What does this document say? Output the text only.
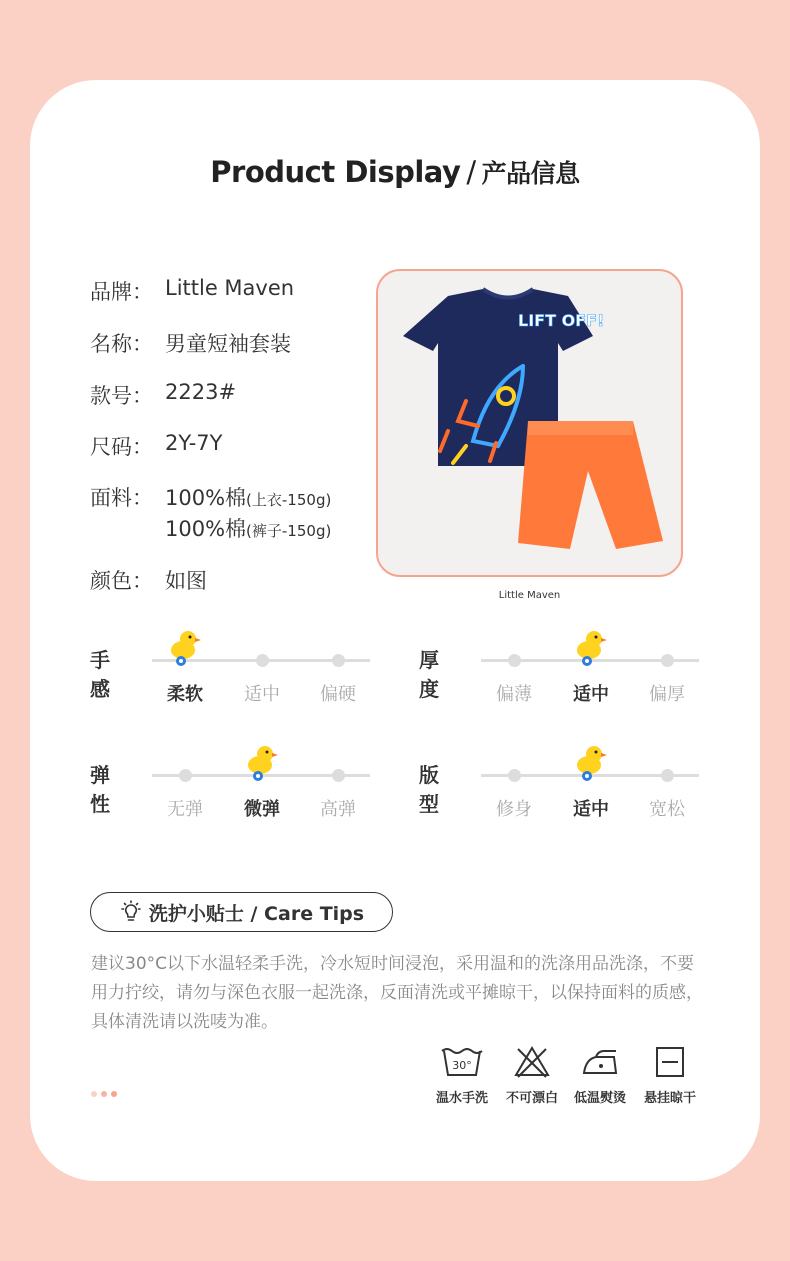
Product Display / 产品信息
品牌： Little Maven
名称： 男童短袖套装
款号： 2223#
尺码： 2Y-7Y
面料： 100%棉(上衣-150g)
100%棉(裤子-150g)
颜色： 如图
LIFT OFF!
Little Maven
手感	柔软	适中	偏硬
厚度	偏薄	适中	偏厚
弹性	无弹	微弹	高弹
版型	修身	适中	宽松
洗护小贴士 / Care Tips
建议30°C以下水温轻柔手洗，冷水短时间浸泡，采用温和的洗涤用品洗涤，不要用力拧绞，请勿与深色衣服一起洗涤，反面清洗或平摊晾干，以保持面料的质感，具体清洗请以洗唛为准。
30°
温水手洗	不可漂白	低温熨烫	悬挂晾干
